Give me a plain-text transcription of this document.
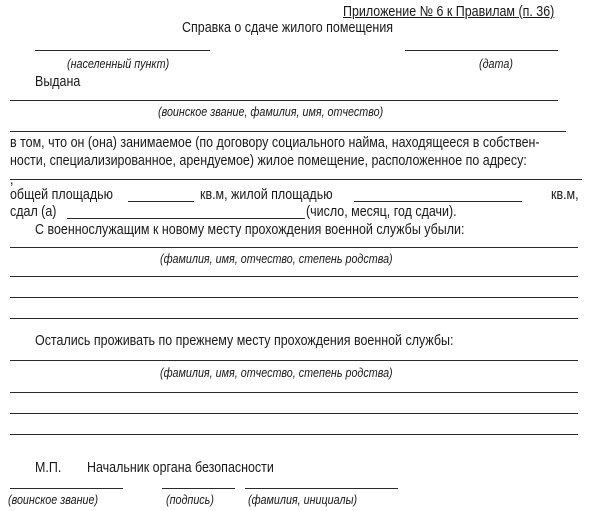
Приложение № 6 к Правилам (п. 36)
Справка о сдаче жилого помещения
(населенный пункт)	(дата)
Выдана
(воинское звание, фамилия, имя, отчество)
в том, что он (она) занимаемое (по договору социального найма, находящееся в собствен-
ности, специализированное, арендуемое) жилое помещение, расположенное по адресу:
,
общей площадью	кв.м, жилой площадью	кв.м,
сдал (а)	(число, месяц, год сдачи).
С военнослужащим к новому месту прохождения военной службы убыли:
(фамилия, имя, отчество, степень родства)
Остались проживать по прежнему месту прохождения военной службы:
(фамилия, имя, отчество, степень родства)
М.П. Начальник органа безопасности
(воинское звание)	(подпись)	(фамилия, инициалы)
